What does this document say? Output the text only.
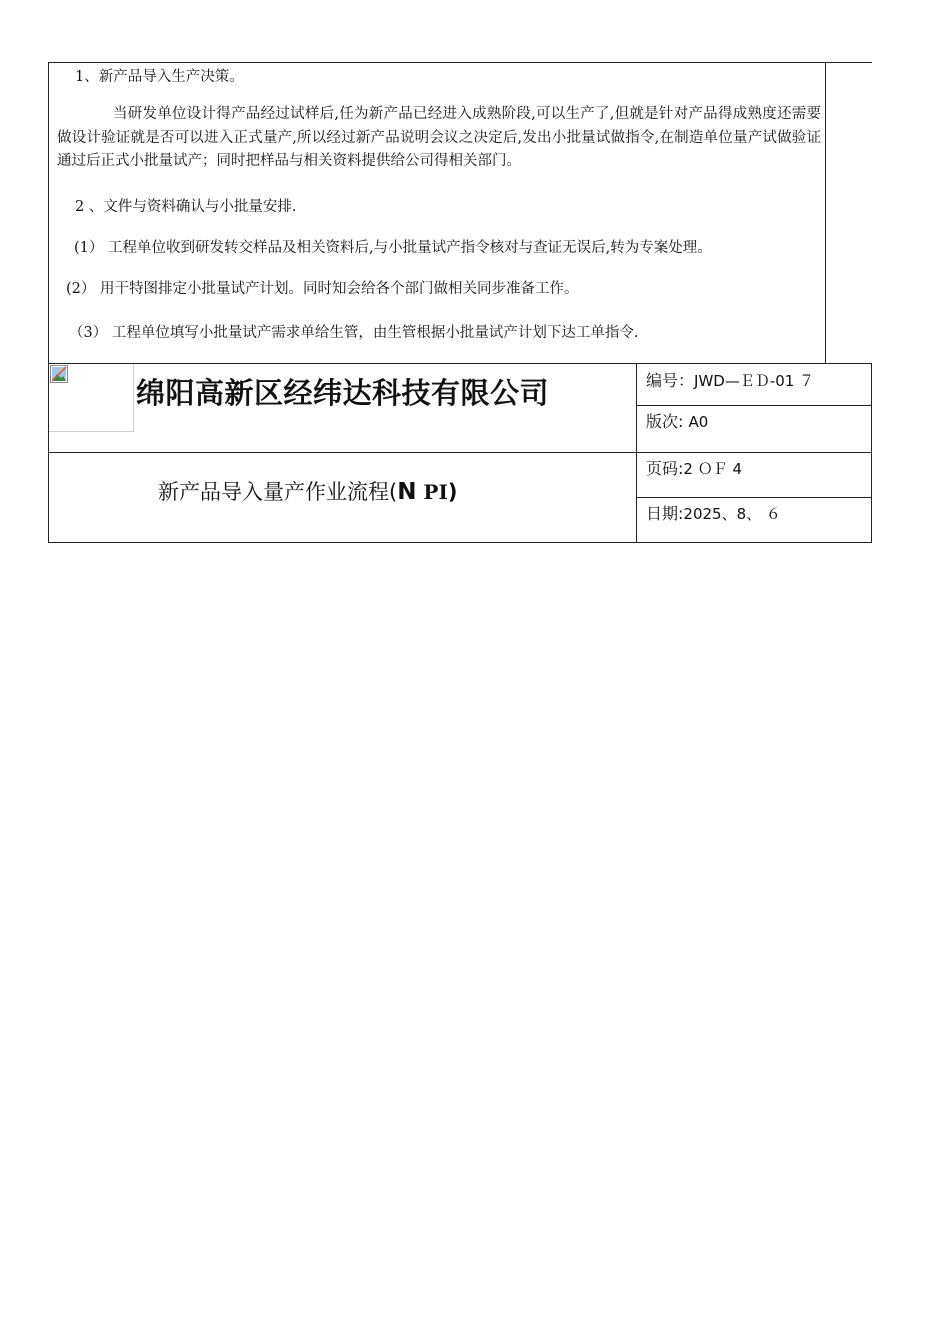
1、新产品导入生产决策。
当研发单位设计得产品经过试样后,任为新产品已经进入成熟阶段,可以生产了,但就是针对产品得成熟度还需要做设计验证就是否可以进入正式量产,所以经过新产品说明会议之决定后,发出小批量试做指令,在制造单位量产试做验证通过后正式小批量试产；同时把样品与相关资料提供给公司得相关部门。
2 、文件与资料确认与小批量安排.
(1） 工程单位收到研发转交样品及相关资料后,与小批量试产指令核对与查证无误后,转为专案处理。
(2） 用干特图排定小批量试产计划。同时知会给各个部门做相关同步准备工作。
（3） 工程单位填写小批量试产需求单给生管，由生管根据小批量试产计划下达工单指令.
绵阳高新区经纬达科技有限公司
新产品导入量产作业流程(N PI)
编号：JWD—ＥＤ-01 ７
版次: A0
页码:2 ＯＦ 4
日期:2025、8、 ６
